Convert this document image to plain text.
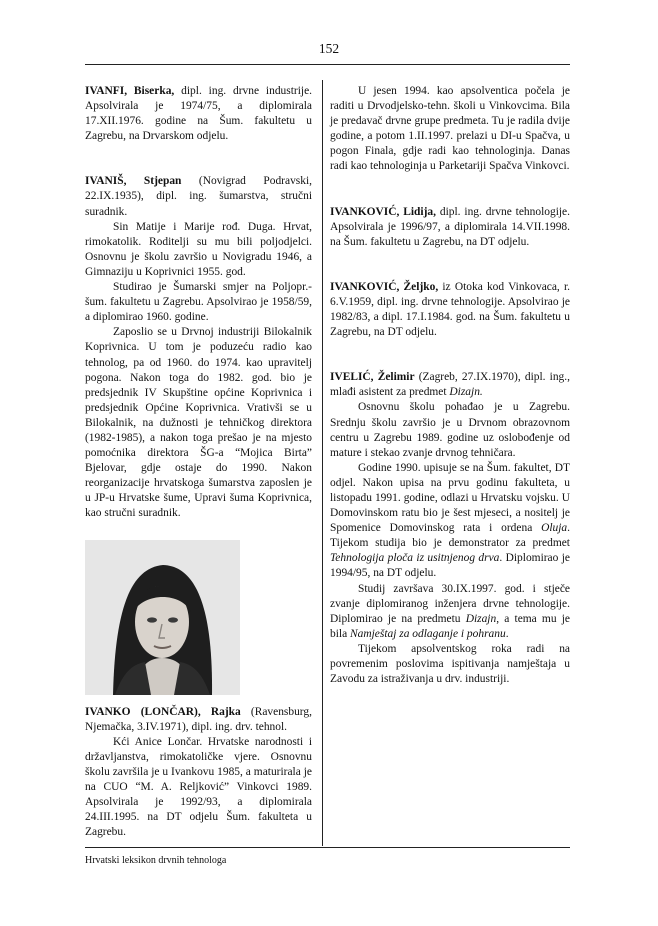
152

IVANFI, Biserka, dipl. ing. drvne industrije. Apsolvirala je 1974/75, a diplomirala 17.XII.1976. godine na Šum. fakultetu u Zagrebu, na Drvarskom odjelu.

IVANIŠ, Stjepan (Novigrad Podravski, 22.IX.1935), dipl. ing. šumarstva, stručni suradnik.

Sin Matije i Marije rođ. Duga. Hrvat, rimokatolik. Roditelji su mu bili poljodjelci. Osnovnu je školu završio u Novigradu 1946, a Gimnaziju u Koprivnici 1955. god.

Studirao je Šumarski smjer na Poljopr.-šum. fakultetu u Zagrebu. Apsolvirao je 1958/59, a diplomirao 1960. godine.

Zaposlio se u Drvnoj industriji Bilokalnik Koprivnica. U tom je poduzeću radio kao tehnolog, pa od 1960. do 1974. kao upravitelj pogona. Nakon toga do 1982. god. bio je predsjednik IV Skupštine općine Koprivnica i predsjednik Općine Koprivnica. Vrativši se u Bilokalnik, na dužnosti je tehničkog direktora (1982-1985), a nakon toga prešao je na mjesto pomoćnika direktora ŠG-a “Mojica Birta” Bjelovar, gdje ostaje do 1990. Nakon reorganizacije hrvatskoga šumarstva zaposlen je u JP-u Hrvatske šume, Upravi šuma Koprivnica, kao stručni suradnik.

IVANKO (LONČAR), Rajka (Ravensburg, Njemačka, 3.IV.1971), dipl. ing. drv. tehnol.

Kći Anice Lončar. Hrvatske narodnosti i državljanstva, rimokatoličke vjere. Osnovnu školu završila je u Ivankovu 1985, a maturirala je na CUO “M. A. Reljković” Vinkovci 1989. Apsolvirala je 1992/93, a diplomirala 24.III.1995. na DT odjelu Šum. fakulteta u Zagrebu.

U jesen 1994. kao apsolventica počela je raditi u Drvodjelsko-tehn. školi u Vinkovcima. Bila je predavač drvne grupe predmeta. Tu je radila dvije godine, a potom 1.II.1997. prelazi u DI-u Spačva, u pogon Finala, gdje radi kao tehnologinja. Danas radi kao tehnologinja u Parketariji Spačva Vinkovci.

IVANKOVIĆ, Lidija, dipl. ing. drvne tehnologije. Apsolvirala je 1996/97, a diplomirala 14.VII.1998. na Šum. fakultetu u Zagrebu, na DT odjelu.

IVANKOVIĆ, Željko, iz Otoka kod Vinkovaca, r. 6.V.1959, dipl. ing. drvne tehnologije. Apsolvirao je 1982/83, a dipl. 17.I.1984. god. na Šum. fakultetu u Zagrebu, na DT odjelu.

IVELIĆ, Želimir (Zagreb, 27.IX.1970), dipl. ing., mlađi asistent za predmet Dizajn.

Osnovnu školu pohađao je u Zagrebu. Srednju školu završio je u Drvnom obrazovnom centru u Zagrebu 1989. godine uz oslobođenje od mature i stekao zvanje drvnog tehničara.

Godine 1990. upisuje se na Šum. fakultet, DT odjel. Nakon upisa na prvu godinu fakulteta, u listopadu 1991. godine, odlazi u Hrvatsku vojsku. U Domovinskom ratu bio je šest mjeseci, a nositelj je Spomenice Domovinskog rata i ordena Oluja. Tijekom studija bio je demonstrator za predmet Tehnologija ploča iz usitnjenog drva. Diplomirao je 1994/95, na DT odjelu.

Studij završava 30.IX.1997. god. i stječe zvanje diplomiranog inženjera drvne tehnologije. Diplomirao je na predmetu Dizajn, a tema mu je bila Namještaj za odlaganje i pohranu.

Tijekom apsolventskog roka radi na povremenim poslovima ispitivanja namještaja u Zavodu za istraživanja u drv. industriji.

Hrvatski leksikon drvnih tehnologa
